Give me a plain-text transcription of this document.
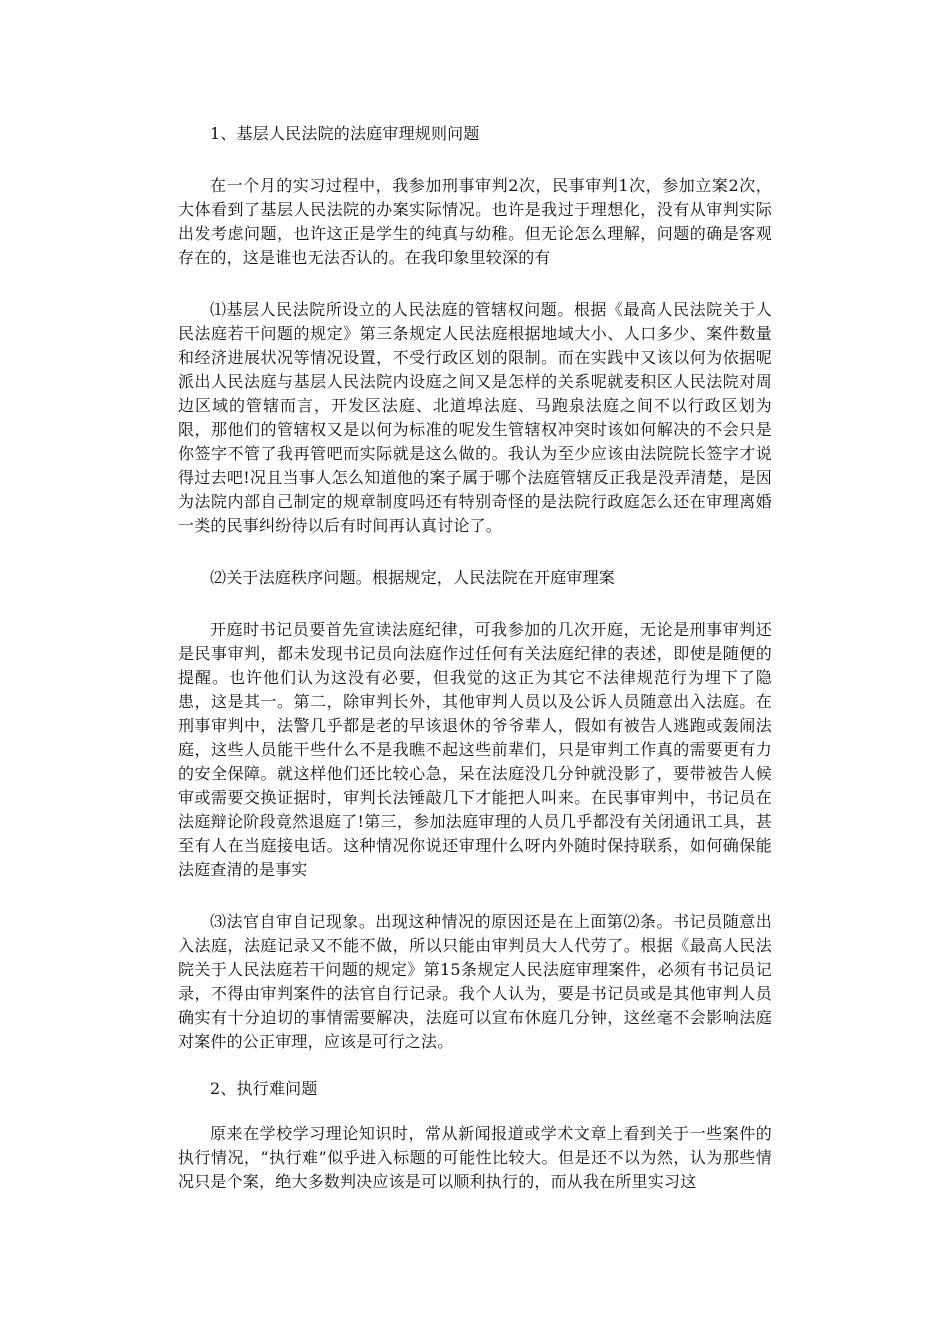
1、基层人民法院的法庭审理规则问题

在一个月的实习过程中，我参加刑事审判2次，民事审判1次，参加立案2次，大体看到了基层人民法院的办案实际情况。也许是我过于理想化，没有从审判实际出发考虑问题，也许这正是学生的纯真与幼稚。但无论怎么理解，问题的确是客观存在的，这是谁也无法否认的。在我印象里较深的有

⑴基层人民法院所设立的人民法庭的管辖权问题。根据《最高人民法院关于人民法庭若干问题的规定》第三条规定人民法庭根据地域大小、人口多少、案件数量和经济进展状况等情况设置，不受行政区划的限制。而在实践中又该以何为依据呢派出人民法庭与基层人民法院内设庭之间又是怎样的关系呢就麦积区人民法院对周边区域的管辖而言，开发区法庭、北道埠法庭、马跑泉法庭之间不以行政区划为限，那他们的管辖权又是以何为标准的呢发生管辖权冲突时该如何解决的不会只是你签字不管了我再管吧而实际就是这么做的。我认为至少应该由法院院长签字才说得过去吧!况且当事人怎么知道他的案子属于哪个法庭管辖反正我是没弄清楚，是因为法院内部自己制定的规章制度吗还有特别奇怪的是法院行政庭怎么还在审理离婚一类的民事纠纷待以后有时间再认真讨论了。

⑵关于法庭秩序问题。根据规定，人民法院在开庭审理案

开庭时书记员要首先宣读法庭纪律，可我参加的几次开庭，无论是刑事审判还是民事审判，都未发现书记员向法庭作过任何有关法庭纪律的表述，即使是随便的提醒。也许他们认为这没有必要，但我觉的这正为其它不法律规范行为埋下了隐患，这是其一。第二，除审判长外，其他审判人员以及公诉人员随意出入法庭。在刑事审判中，法警几乎都是老的早该退休的爷爷辈人，假如有被告人逃跑或轰闹法庭，这些人员能干些什么不是我瞧不起这些前辈们，只是审判工作真的需要更有力的安全保障。就这样他们还比较心急，呆在法庭没几分钟就没影了，要带被告人候审或需要交换证据时，审判长法锤敲几下才能把人叫来。在民事审判中，书记员在法庭辩论阶段竟然退庭了!第三，参加法庭审理的人员几乎都没有关闭通讯工具，甚至有人在当庭接电话。这种情况你说还审理什么呀内外随时保持联系，如何确保能法庭查清的是事实

⑶法官自审自记现象。出现这种情况的原因还是在上面第⑵条。书记员随意出入法庭，法庭记录又不能不做，所以只能由审判员大人代劳了。根据《最高人民法院关于人民法庭若干问题的规定》第15条规定人民法庭审理案件，必须有书记员记录，不得由审判案件的法官自行记录。我个人认为，要是书记员或是其他审判人员确实有十分迫切的事情需要解决，法庭可以宣布休庭几分钟，这丝毫不会影响法庭对案件的公正审理，应该是可行之法。

2、执行难问题

原来在学校学习理论知识时，常从新闻报道或学术文章上看到关于一些案件的执行情况，“执行难”似乎进入标题的可能性比较大。但是还不以为然，认为那些情况只是个案，绝大多数判决应该是可以顺利执行的，而从我在所里实习这
